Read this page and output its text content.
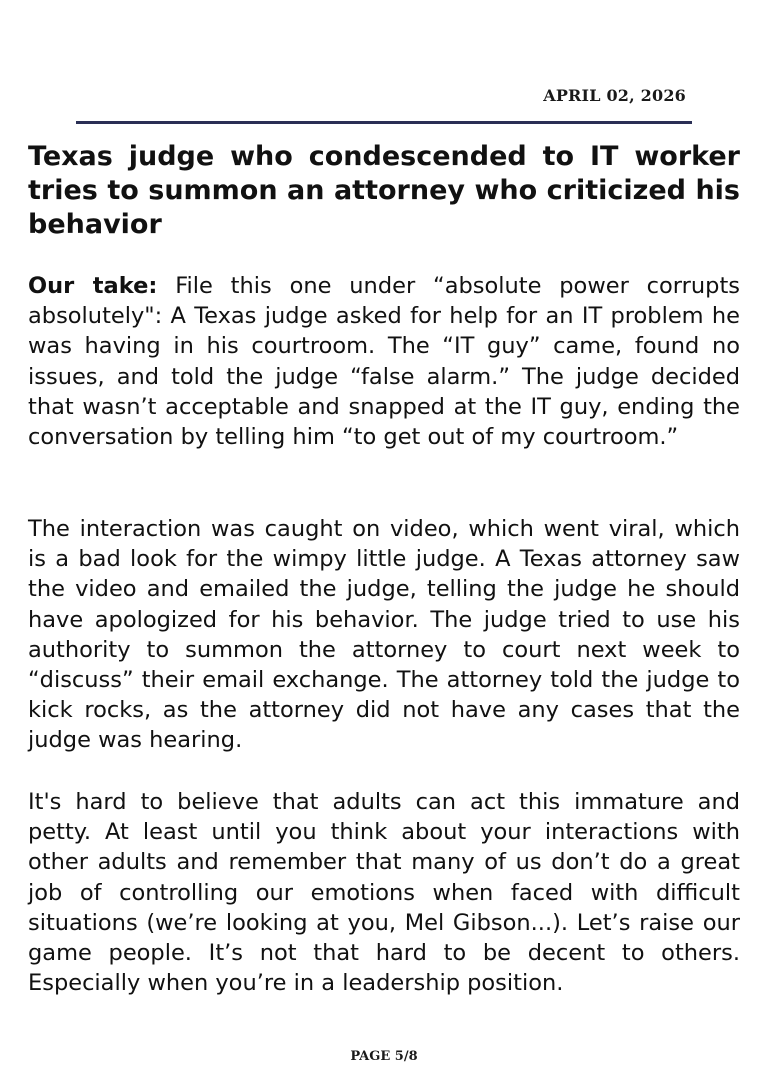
APRIL 02, 2026
Texas judge who condescended to IT worker tries to summon an attorney who criticized his behavior

Our take: File this one under “absolute power corrupts absolutely": A Texas judge asked for help for an IT problem he was having in his courtroom. The “IT guy” came, found no issues, and told the judge “false alarm.” The judge decided that wasn’t acceptable and snapped at the IT guy, ending the conversation by telling him “to get out of my courtroom.”

The interaction was caught on video, which went viral, which is a bad look for the wimpy little judge. A Texas attorney saw the video and emailed the judge, telling the judge he should have apologized for his behavior. The judge tried to use his authority to summon the attorney to court next week to “discuss” their email exchange. The attorney told the judge to kick rocks, as the attorney did not have any cases that the judge was hearing.

It's hard to believe that adults can act this immature and petty. At least until you think about your interactions with other adults and remember that many of us don’t do a great job of controlling our emotions when faced with difficult situations (we’re looking at you, Mel Gibson...). Let’s raise our game people. It’s not that hard to be decent to others. Especially when you’re in a leadership position.

PAGE 5/8
